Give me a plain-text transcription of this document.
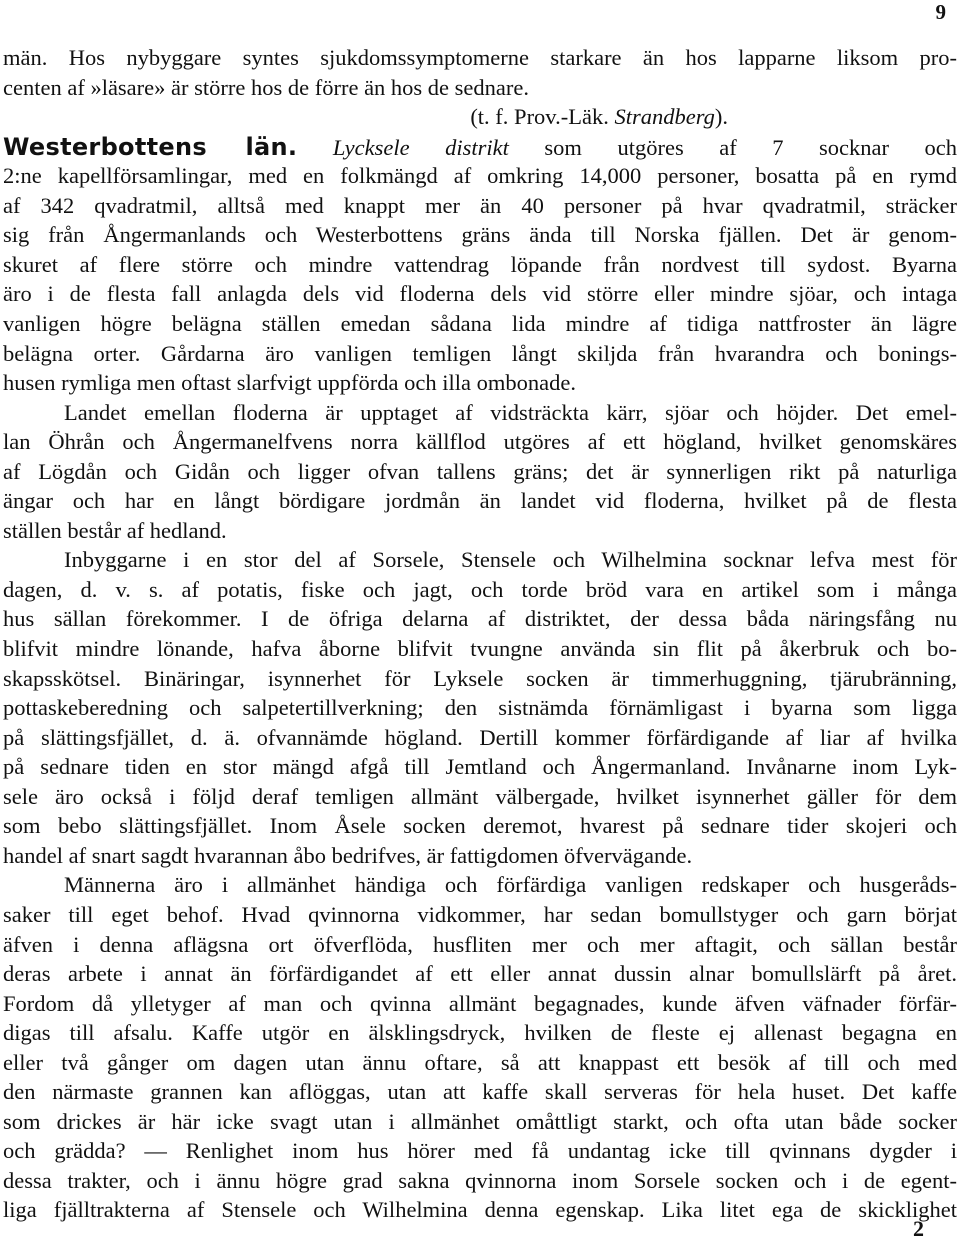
9
män. Hos nybyggare syntes sjukdomssymptomerne starkare än hos lapparne liksom pro-
centen af »läsare» är större hos de förre än hos de sednare.
(t. f. Prov.-Läk. Strandberg).
Westerbottens län. Lycksele distrikt som utgöres af 7 socknar och
2:ne kapellförsamlingar, med en folkmängd af omkring 14,000 personer, bosatta på en rymd
af 342 qvadratmil, alltså med knappt mer än 40 personer på hvar qvadratmil, sträcker
sig från Ångermanlands och Westerbottens gräns ända till Norska fjällen. Det är genom-
skuret af flere större och mindre vattendrag löpande från nordvest till sydost. Byarna
äro i de flesta fall anlagda dels vid floderna dels vid större eller mindre sjöar, och intaga
vanligen högre belägna ställen emedan sådana lida mindre af tidiga nattfroster än lägre
belägna orter. Gårdarna äro vanligen temligen långt skiljda från hvarandra och bonings-
husen rymliga men oftast slarfvigt uppförda och illa ombonade.
Landet emellan floderna är upptaget af vidsträckta kärr, sjöar och höjder. Det emel-
lan Öhrån och Ångermanelfvens norra källflod utgöres af ett högland, hvilket genomskäres
af Lögdån och Gidån och ligger ofvan tallens gräns; det är synnerligen rikt på naturliga
ängar och har en långt bördigare jordmån än landet vid floderna, hvilket på de flesta
ställen består af hedland.
Inbyggarne i en stor del af Sorsele, Stensele och Wilhelmina socknar lefva mest för
dagen, d. v. s. af potatis, fiske och jagt, och torde bröd vara en artikel som i många
hus sällan förekommer. I de öfriga delarna af distriktet, der dessa båda näringsfång nu
blifvit mindre lönande, hafva åborne blifvit tvungne använda sin flit på åkerbruk och bo-
skapsskötsel. Binäringar, isynnerhet för Lyksele socken är timmerhuggning, tjärubränning,
pottaskeberedning och salpetertillverkning; den sistnämda förnämligast i byarna som ligga
på slättingsfjället, d. ä. ofvannämde högland. Dertill kommer förfärdigande af liar af hvilka
på sednare tiden en stor mängd afgå till Jemtland och Ångermanland. Invånarne inom Lyk-
sele äro också i följd deraf temligen allmänt välbergade, hvilket isynnerhet gäller för dem
som bebo slättingsfjället. Inom Åsele socken deremot, hvarest på sednare tider skojeri och
handel af snart sagdt hvarannan åbo bedrifves, är fattigdomen öfvervägande.
Männerna äro i allmänhet händiga och förfärdiga vanligen redskaper och husgeråds-
saker till eget behof. Hvad qvinnorna vidkommer, har sedan bomullstyger och garn börjat
äfven i denna aflägsna ort öfverflöda, husfliten mer och mer aftagit, och sällan består
deras arbete i annat än förfärdigandet af ett eller annat dussin alnar bomullslärft på året.
Fordom då ylletyger af man och qvinna allmänt begagnades, kunde äfven väfnader förfär-
digas till afsalu. Kaffe utgör en älsklingsdryck, hvilken de fleste ej allenast begagna en
eller två gånger om dagen utan ännu oftare, så att knappast ett besök af till och med
den närmaste grannen kan aflöggas, utan att kaffe skall serveras för hela huset. Det kaffe
som drickes är här icke svagt utan i allmänhet omåttligt starkt, och ofta utan både socker
och grädda? — Renlighet inom hus hörer med få undantag icke till qvinnans dygder i
dessa trakter, och i ännu högre grad sakna qvinnorna inom Sorsele socken och i de egent-
liga fjälltrakterna af Stensele och Wilhelmina denna egenskap. Lika litet ega de skicklighet
2
